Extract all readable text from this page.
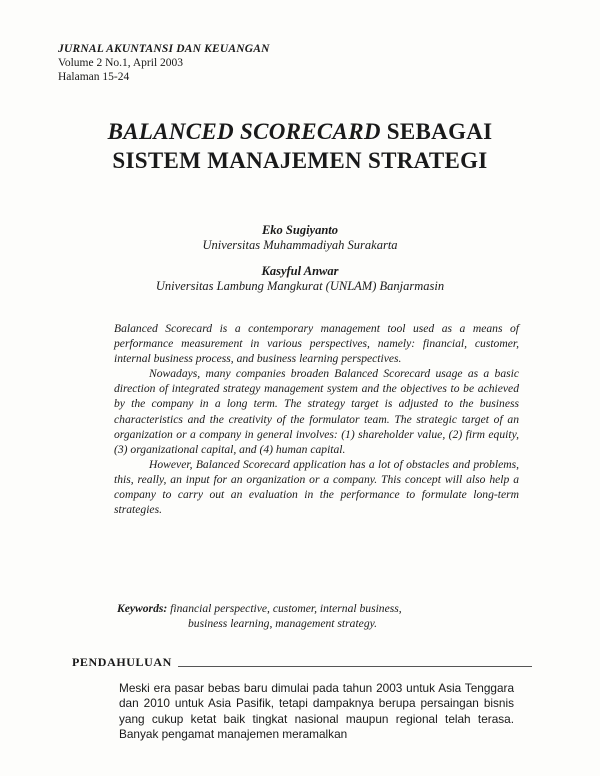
JURNAL AKUNTANSI DAN KEUANGAN
Volume 2 No.1, April 2003
Halaman 15-24
BALANCED SCORECARD SEBAGAI
SISTEM MANAJEMEN STRATEGI
Eko Sugiyanto
Universitas Muhammadiyah Surakarta
Kasyful Anwar
Universitas Lambung Mangkurat (UNLAM) Banjarmasin

Balanced Scorecard is a contemporary management tool used as a means of performance measurement in various perspectives, namely: financial, customer, internal business process, and business learning perspectives.

Nowadays, many companies broaden Balanced Scorecard usage as a basic direction of integrated strategy management system and the objectives to be achieved by the company in a long term. The strategy target is adjusted to the business characteristics and the creativity of the formulator team. The strategic target of an organization or a company in general involves: (1) shareholder value, (2) firm equity, (3) organizational capital, and (4) human capital.

However, Balanced Scorecard application has a lot of obstacles and problems, this, really, an input for an organization or a company. This concept will also help a company to carry out an evaluation in the performance to formulate long-term strategies.

Keywords: financial perspective, customer, internal business,
business learning, management strategy.
PENDAHULUAN
Meski era pasar bebas baru dimulai pada tahun 2003 untuk Asia Tenggara dan 2010 untuk Asia Pasifik, tetapi dampaknya berupa persaingan bisnis yang cukup ketat baik tingkat nasional maupun regional telah terasa. Banyak pengamat manajemen meramalkan
